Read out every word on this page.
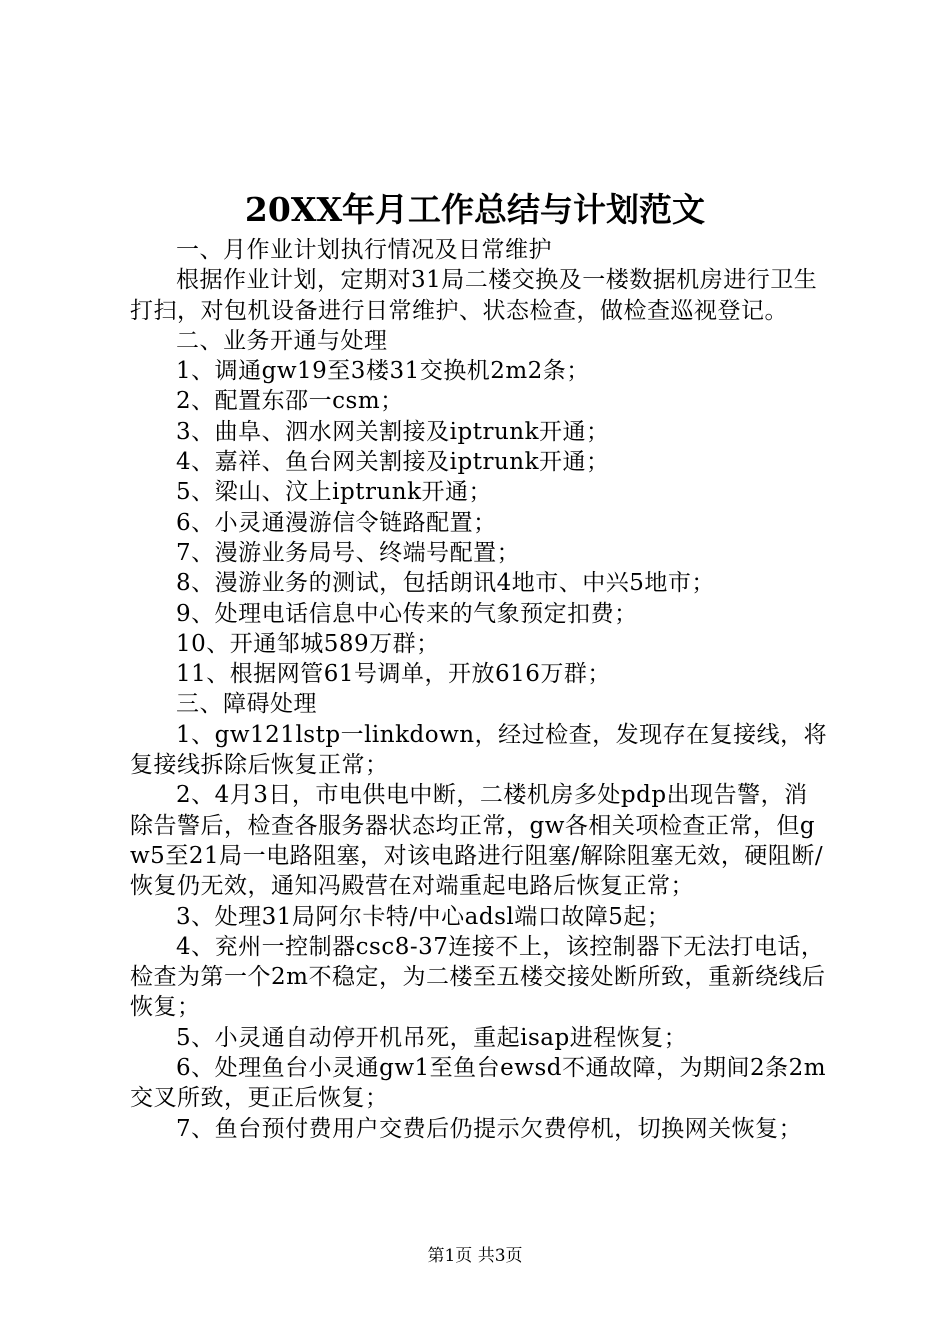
20XX年月工作总结与计划范文

一、月作业计划执行情况及日常维护

根据作业计划，定期对31局二楼交换及一楼数据机房进行卫生打扫，对包机设备进行日常维护、状态检查，做检查巡视登记。

二、业务开通与处理

1、调通gw19至3楼31交换机2m2条；

2、配置东邵一csm；

3、曲阜、泗水网关割接及iptrunk开通；

4、嘉祥、鱼台网关割接及iptrunk开通；

5、梁山、汶上iptrunk开通；

6、小灵通漫游信令链路配置；

7、漫游业务局号、终端号配置；

8、漫游业务的测试，包括朗讯4地市、中兴5地市；

9、处理电话信息中心传来的气象预定扣费；

10、开通邹城589万群；

11、根据网管61号调单，开放616万群；

三、障碍处理

1、gw121lstp一linkdown，经过检查，发现存在复接线，将复接线拆除后恢复正常；

2、4月3日，市电供电中断，二楼机房多处pdp出现告警，消除告警后，检查各服务器状态均正常，gw各相关项检查正常，但gw5至21局一电路阻塞，对该电路进行阻塞/解除阻塞无效，硬阻断/恢复仍无效，通知冯殿营在对端重起电路后恢复正常；

3、处理31局阿尔卡特/中心adsl端口故障5起；

4、兖州一控制器csc8-37连接不上，该控制器下无法打电话，检查为第一个2m不稳定，为二楼至五楼交接处断所致，重新绕线后恢复；

5、小灵通自动停开机吊死，重起isap进程恢复；

6、处理鱼台小灵通gw1至鱼台ewsd不通故障，为期间2条2m交叉所致，更正后恢复；

7、鱼台预付费用户交费后仍提示欠费停机，切换网关恢复；

第1页 共3页
